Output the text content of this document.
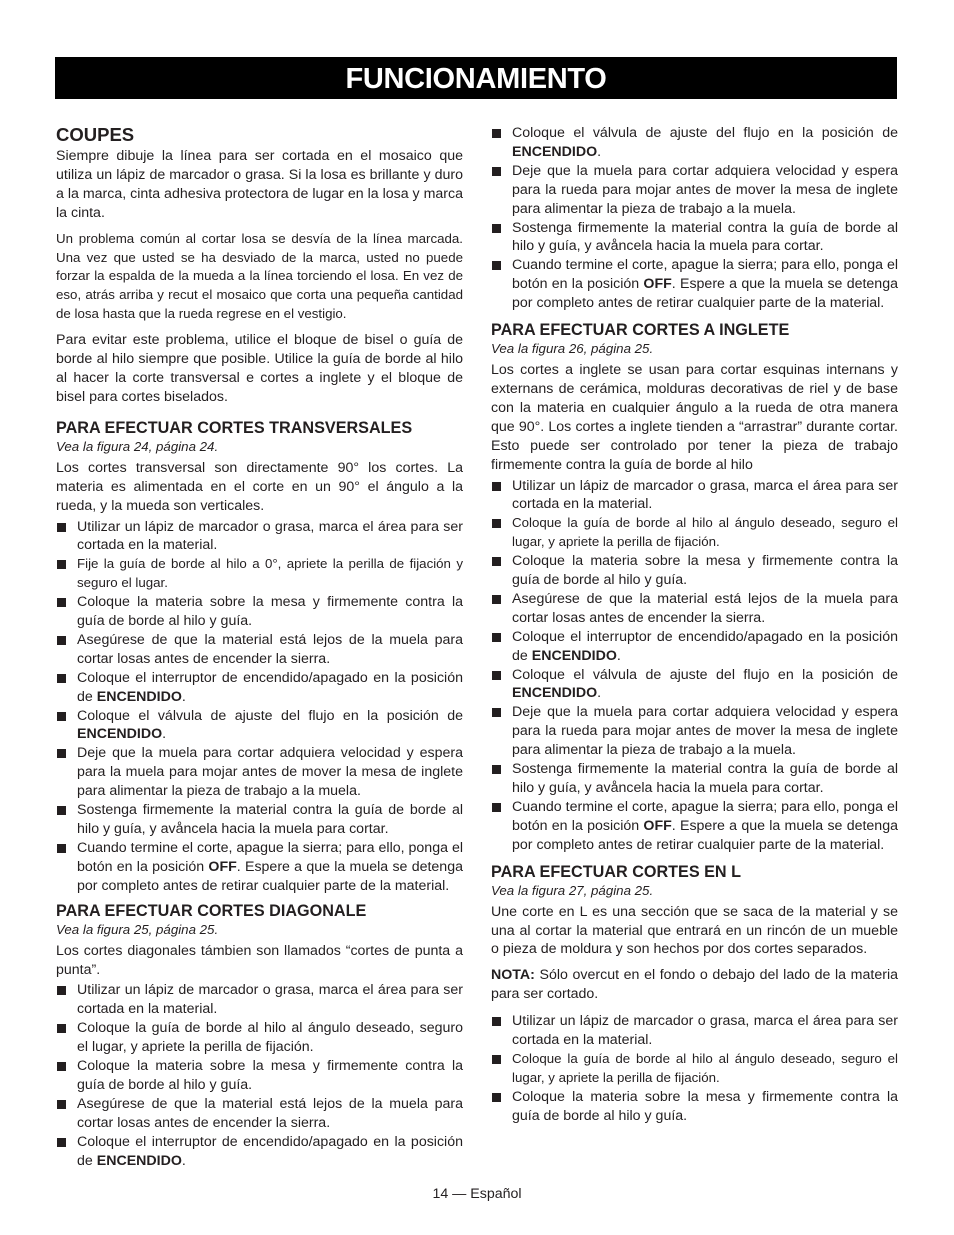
FUNCIONAMIENTO
COUPES

Siempre dibuje la línea para ser cortada en el mosaico que utiliza un lápiz de marcador o grasa. Si la losa es brillante y duro a la marca, cinta adhesiva protectora de lugar en la losa y marca la cinta.

Un problema común al cortar losa se desvía de la línea marcada. Una vez que usted se ha desviado de la marca, usted no puede forzar la espalda de la mueda a la línea torciendo el losa. En vez de eso, atrás arriba y recut el mosaico que corta una pequeña cantidad de losa hasta que la rueda regrese en el vestigio.

Para evitar este problema, utilice el bloque de bisel o guía de borde al hilo siempre que posible. Utilice la guía de borde al hilo al hacer la corte transversal e cortes a inglete y el bloque de bisel para cortes biselados.

PARA EFECTUAR CORTES TRANSVERSALES
Vea la figura 24, página 24.

Los cortes transversal son directamente 90° los cortes. La materia es alimentada en el corte en un 90° el ángulo a la rueda, y la mueda son verticales.

Utilizar un lápiz de marcador o grasa, marca el área para ser cortada en la material.
Fije la guía de borde al hilo a 0°, apriete la perilla de fijación y seguro el lugar.
Coloque la materia sobre la mesa y firmemente contra la guía de borde al hilo y guía.
Asegúrese de que la material está lejos de la muela para cortar losas antes de encender la sierra.
Coloque el interruptor de encendido/apagado en la posición de ENCENDIDO.
Coloque el válvula de ajuste del flujo en la posición de ENCENDIDO.
Deje que la muela para cortar adquiera velocidad y espera para la muela para mojar antes de mover la mesa de inglete para alimentar la pieza de trabajo a la muela.
Sostenga firmemente la material contra la guía de borde al hilo y guía, y avåncela hacia la muela para cortar.
Cuando termine el corte, apague la sierra; para ello, ponga el botón en la posición OFF. Espere a que la muela se detenga por completo antes de retirar cualquier parte de la material.
PARA EFECTUAR CORTES DIAGONALE
Vea la figura 25, página 25.

Los cortes diagonales támbien son llamados “cortes de punta a punta”.

Utilizar un lápiz de marcador o grasa, marca el área para ser cortada en la material.
Coloque la guía de borde al hilo al ángulo deseado, seguro el lugar, y apriete la perilla de fijación.
Coloque la materia sobre la mesa y firmemente contra la guía de borde al hilo y guía.
Asegúrese de que la material está lejos de la muela para cortar losas antes de encender la sierra.
Coloque el interruptor de encendido/apagado en la posición de ENCENDIDO.
Coloque el válvula de ajuste del flujo en la posición de ENCENDIDO.
Deje que la muela para cortar adquiera velocidad y espera para la rueda para mojar antes de mover la mesa de inglete para alimentar la pieza de trabajo a la muela.
Sostenga firmemente la material contra la guía de borde al hilo y guía, y avåncela hacia la muela para cortar.
Cuando termine el corte, apague la sierra; para ello, ponga el botón en la posición OFF. Espere a que la muela se detenga por completo antes de retirar cualquier parte de la material.
PARA EFECTUAR CORTES A INGLETE
Vea la figura 26, página 25.

Los cortes a inglete se usan para cortar esquinas internans y externans de cerámica, molduras decorativas de riel y de base con la materia en cualquier ángulo a la rueda de otra manera que 90°. Los cortes a inglete tienden a “arrastrar” durante cortar. Esto puede ser controlado por tener la pieza de trabajo firmemente contra la guía de borde al hilo

Utilizar un lápiz de marcador o grasa, marca el área para ser cortada en la material.
Coloque la guía de borde al hilo al ángulo deseado, seguro el lugar, y apriete la perilla de fijación.
Coloque la materia sobre la mesa y firmemente contra la guía de borde al hilo y guía.
Asegúrese de que la material está lejos de la muela para cortar losas antes de encender la sierra.
Coloque el interruptor de encendido/apagado en la posición de ENCENDIDO.
Coloque el válvula de ajuste del flujo en la posición de ENCENDIDO.
Deje que la muela para cortar adquiera velocidad y espera para la rueda para mojar antes de mover la mesa de inglete para alimentar la pieza de trabajo a la muela.
Sostenga firmemente la material contra la guía de borde al hilo y guía, y avåncela hacia la muela para cortar.
Cuando termine el corte, apague la sierra; para ello, ponga el botón en la posición OFF. Espere a que la muela se detenga por completo antes de retirar cualquier parte de la material.
PARA EFECTUAR CORTES EN L
Vea la figura 27, página 25.

Une corte en L es una sección que se saca de la material y se una al cortar la material que entrará en un rincón de un mueble o pieza de moldura y son hechos por dos cortes separados.

NOTA: Sólo overcut en el fondo o debajo del lado de la materia para ser cortado.

Utilizar un lápiz de marcador o grasa, marca el área para ser cortada en la material.
Coloque la guía de borde al hilo al ángulo deseado, seguro el lugar, y apriete la perilla de fijación.
Coloque la materia sobre la mesa y firmemente contra la guía de borde al hilo y guía.
14 — Español
